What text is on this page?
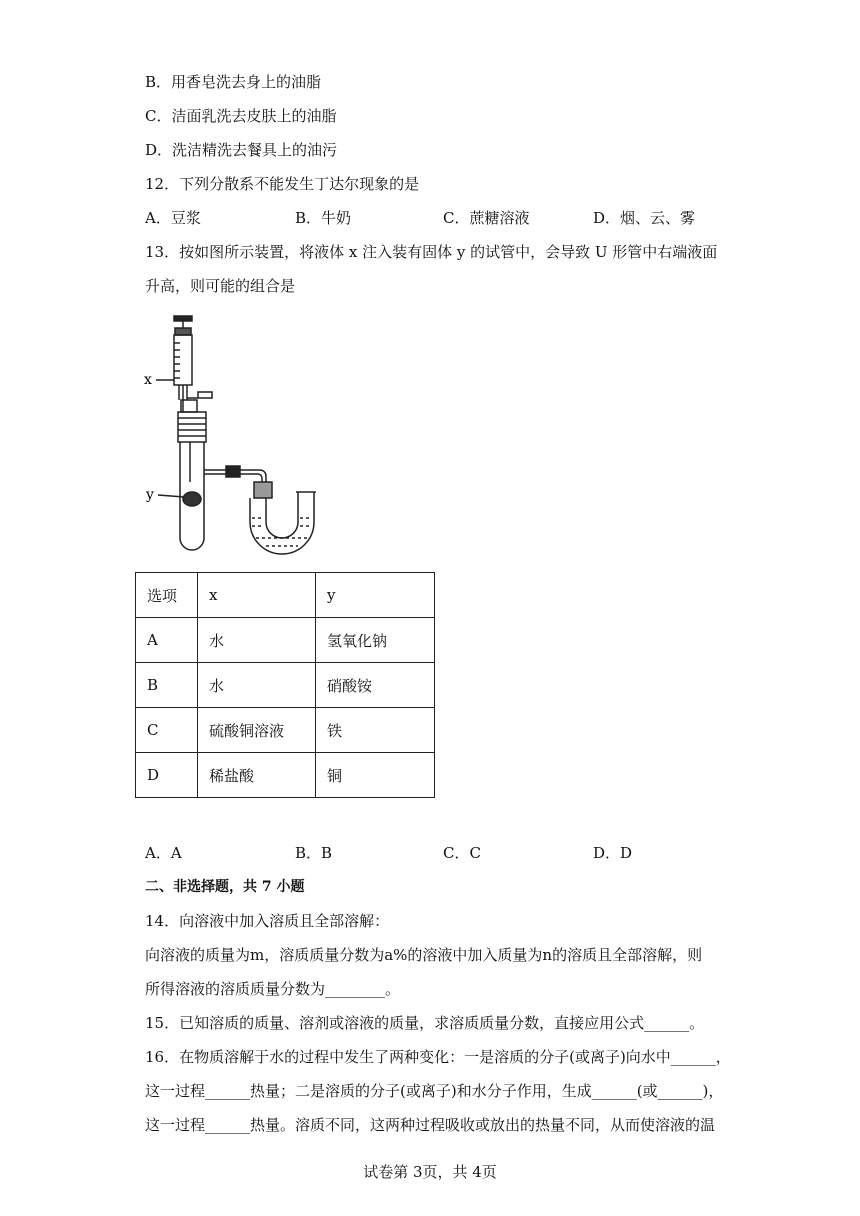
B．用香皂洗去身上的油脂
C．洁面乳洗去皮肤上的油脂
D．洗洁精洗去餐具上的油污
12．下列分散系不能发生丁达尔现象的是
A．豆浆	B．牛奶	C．蔗糖溶液	D．烟、云、雾
13．按如图所示装置，将液体 x 注入装有固体 y 的试管中，会导致 U 形管中右端液面
升高，则可能的组合是
x
y
选项	x	y
A	水	氢氧化钠
B	水	硝酸铵
C	硫酸铜溶液	铁
D	稀盐酸	铜
A．A	B．B	C．C	D．D
二、非选择题，共 7 小题
14．向溶液中加入溶质且全部溶解：
向溶液的质量为m，溶质质量分数为a%的溶液中加入质量为n的溶质且全部溶解，则
所得溶液的溶质质量分数为________。
15．已知溶质的质量、溶剂或溶液的质量，求溶质质量分数，直接应用公式______。
16．在物质溶解于水的过程中发生了两种变化：一是溶质的分子(或离子)向水中______，
这一过程______热量；二是溶质的分子(或离子)和水分子作用，生成______(或______)，
这一过程______热量。溶质不同，这两种过程吸收或放出的热量不同，从而使溶液的温
试卷第 3页，共 4页
